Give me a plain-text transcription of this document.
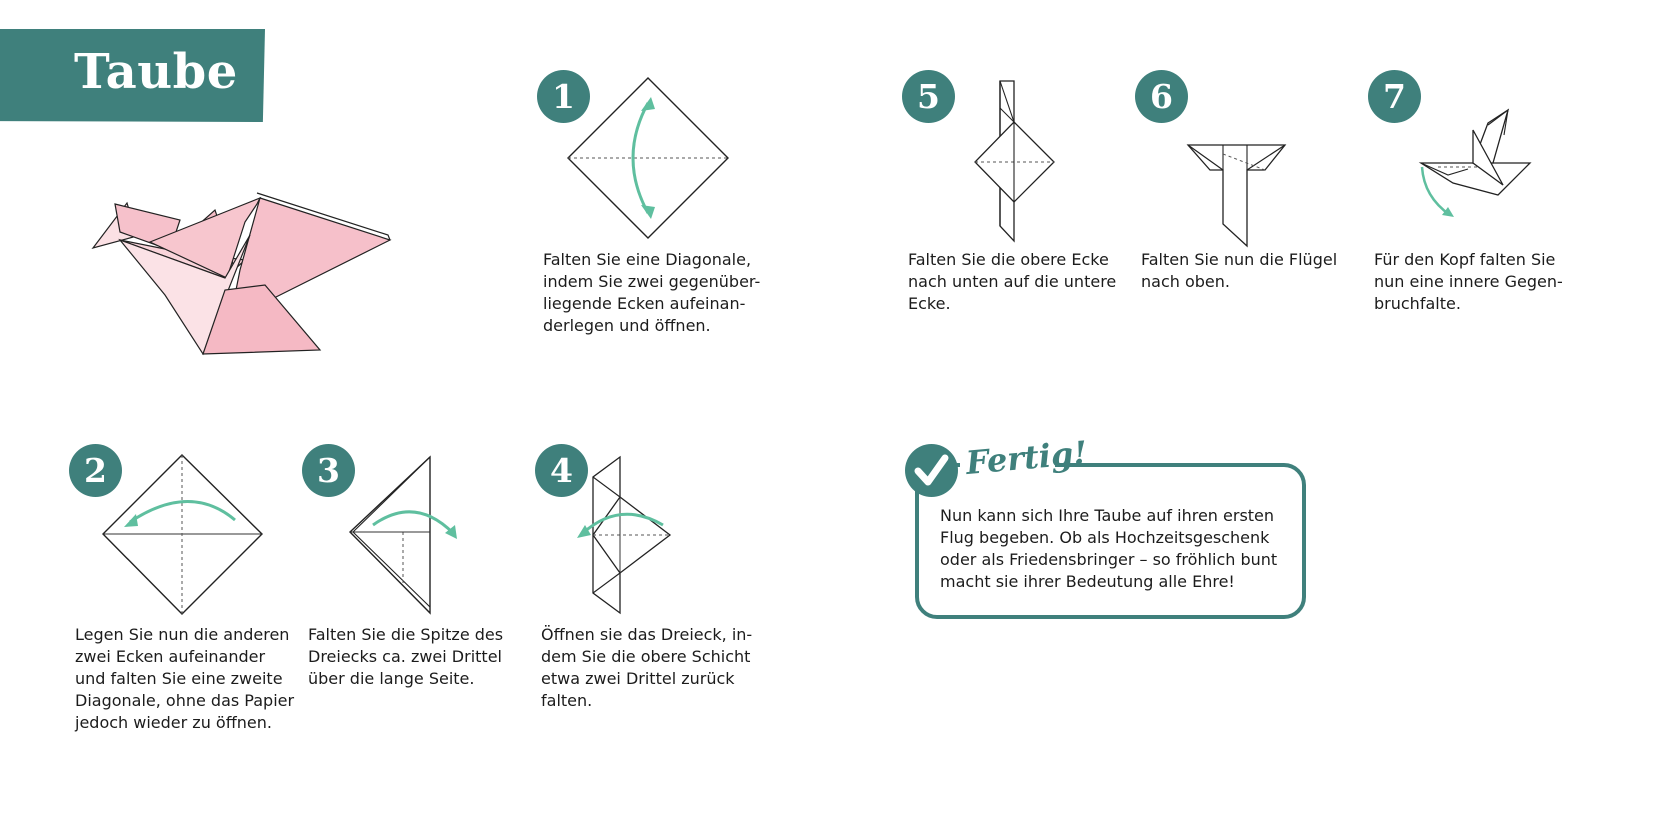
Taube	1
Falten Sie eine Diagonale,
indem Sie zwei gegenüber-
liegende Ecken aufeinan-
derlegen und öffnen.
5
Falten Sie die obere Ecke
nach unten auf die untere
Ecke.
6
Falten Sie nun die Flügel
nach oben.
7
Für den Kopf falten Sie
nun eine innere Gegen-
bruchfalte.
2
Legen Sie nun die anderen
zwei Ecken aufeinander
und falten Sie eine zweite
Diagonale, ohne das Papier
jedoch wieder zu öffnen.
3
Falten Sie die Spitze des
Dreiecks ca. zwei Drittel
über die lange Seite.
4
Öffnen sie das Dreieck, in-
dem Sie die obere Schicht
etwa zwei Drittel zurück
falten.
Fertig!
Nun kann sich Ihre Taube auf ihren ersten
Flug begeben. Ob als Hochzeitsgeschenk
oder als Friedensbringer – so fröhlich bunt
macht sie ihrer Bedeutung alle Ehre!
